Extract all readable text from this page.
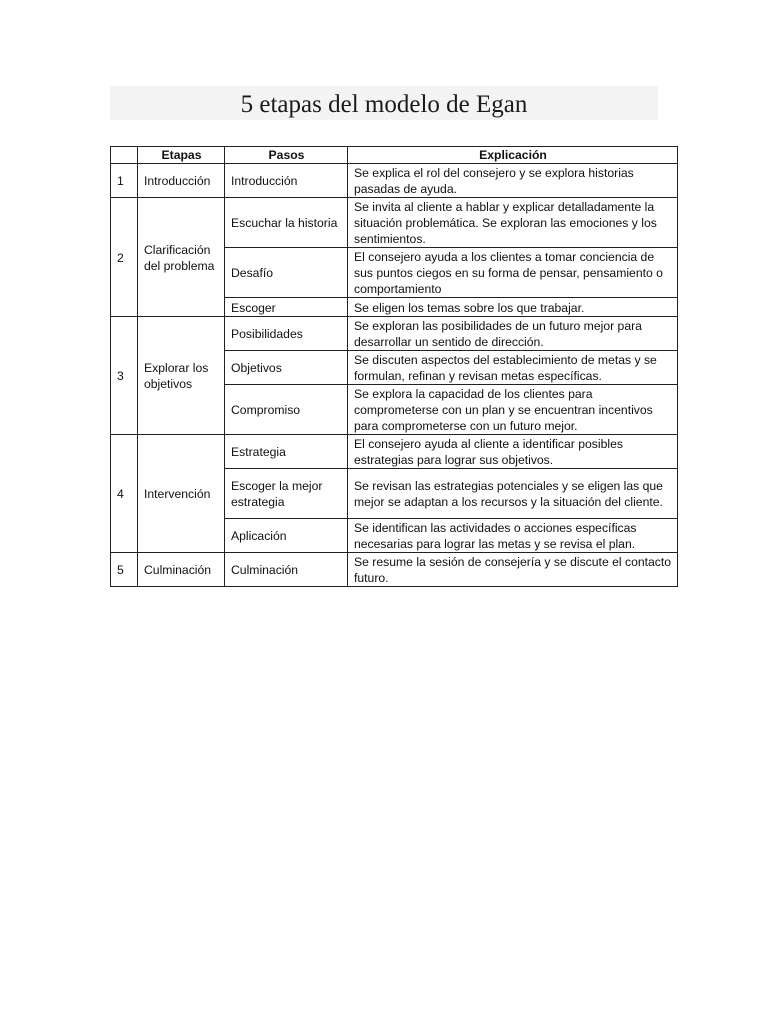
5 etapas del modelo de Egan
	Etapas	Pasos	Explicación
1	Introducción	Introducción	Se explica el rol del consejero y se explora historias pasadas de ayuda.
2	Clarificación del problema	Escuchar la historia	Se invita al cliente a hablar y explicar detalladamente la situación problemática. Se exploran las emociones y los sentimientos.
		Desafío	El consejero ayuda a los clientes a tomar conciencia de sus puntos ciegos en su forma de pensar, pensamiento o comportamiento
		Escoger	Se eligen los temas sobre los que trabajar.
3	Explorar los objetivos	Posibilidades	Se exploran las posibilidades de un futuro mejor para desarrollar un sentido de dirección.
		Objetivos	Se discuten aspectos del establecimiento de metas y se formulan, refinan y revisan metas específicas.
		Compromiso	Se explora la capacidad de los clientes para comprometerse con un plan y se encuentran incentivos para comprometerse con un futuro mejor.
4	Intervención	Estrategia	El consejero ayuda al cliente a identificar posibles estrategias para lograr sus objetivos.
		Escoger la mejor estrategia	Se revisan las estrategias potenciales y se eligen las que mejor se adaptan a los recursos y la situación del cliente.
		Aplicación	Se identifican las actividades o acciones específicas necesarias para lograr las metas y se revisa el plan.
5	Culminación	Culminación	Se resume la sesión de consejería y se discute el contacto futuro.
